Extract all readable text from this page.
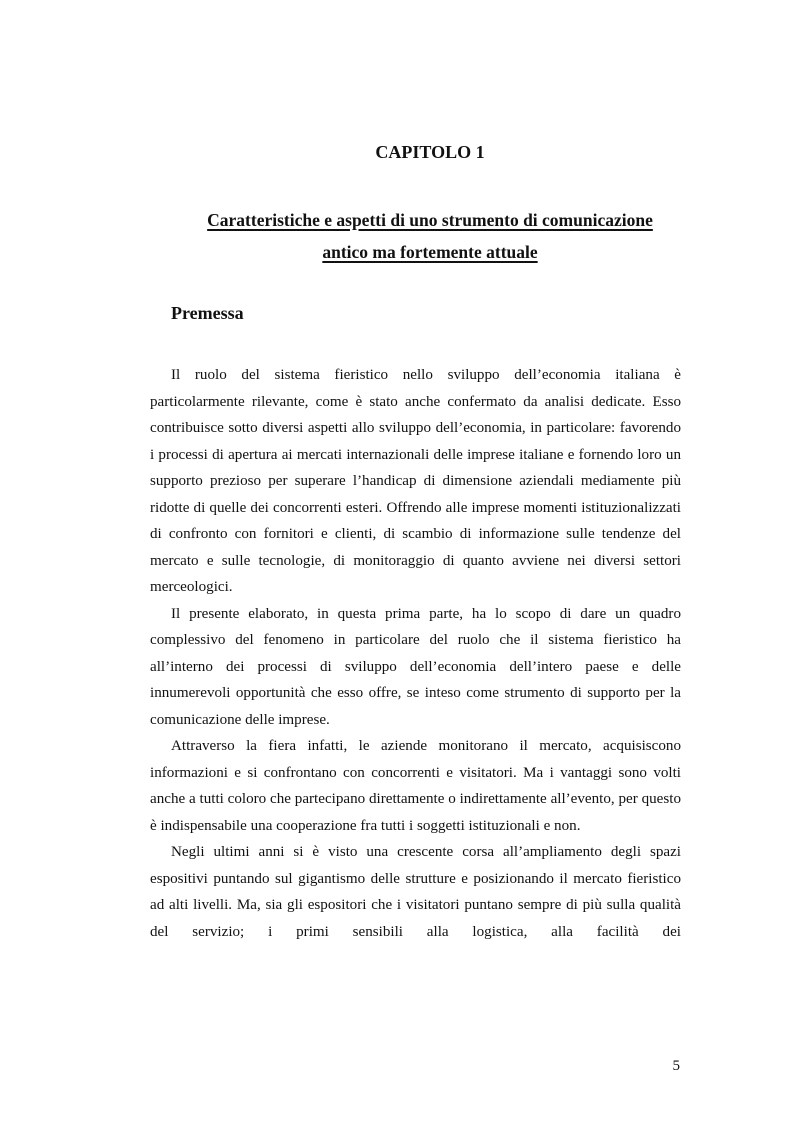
CAPITOLO 1
Caratteristiche e aspetti di uno strumento di comunicazione
antico ma fortemente attuale
Premessa

Il ruolo del sistema fieristico nello sviluppo dell’economia italiana è particolarmente rilevante, come è stato anche confermato da analisi dedicate. Esso contribuisce sotto diversi aspetti allo sviluppo dell’economia, in particolare: favorendo i processi di apertura ai mercati internazionali delle imprese italiane e fornendo loro un supporto prezioso per superare l’handicap di dimensione aziendali mediamente più ridotte di quelle dei concorrenti esteri. Offrendo alle imprese momenti istituzionalizzati di confronto con fornitori e clienti, di scambio di informazione sulle tendenze del mercato e sulle tecnologie, di monitoraggio di quanto avviene nei diversi settori merceologici.

Il presente elaborato, in questa prima parte, ha lo scopo di dare un quadro complessivo del fenomeno in particolare del ruolo che il sistema fieristico ha all’interno dei processi di sviluppo dell’economia dell’intero paese e delle innumerevoli opportunità che esso offre, se inteso come strumento di supporto per la comunicazione delle imprese.

Attraverso la fiera infatti, le aziende monitorano il mercato, acquisiscono informazioni e si confrontano con concorrenti e visitatori. Ma i vantaggi sono volti anche a tutti coloro che partecipano direttamente o indirettamente all’evento, per questo è indispensabile una cooperazione fra tutti i soggetti istituzionali e non.

Negli ultimi anni si è visto una crescente corsa all’ampliamento degli spazi espositivi puntando sul gigantismo delle strutture e posizionando il mercato fieristico ad alti livelli. Ma, sia gli espositori che i visitatori puntano sempre di più sulla qualità del servizio; i primi sensibili alla logistica, alla facilità dei

5
